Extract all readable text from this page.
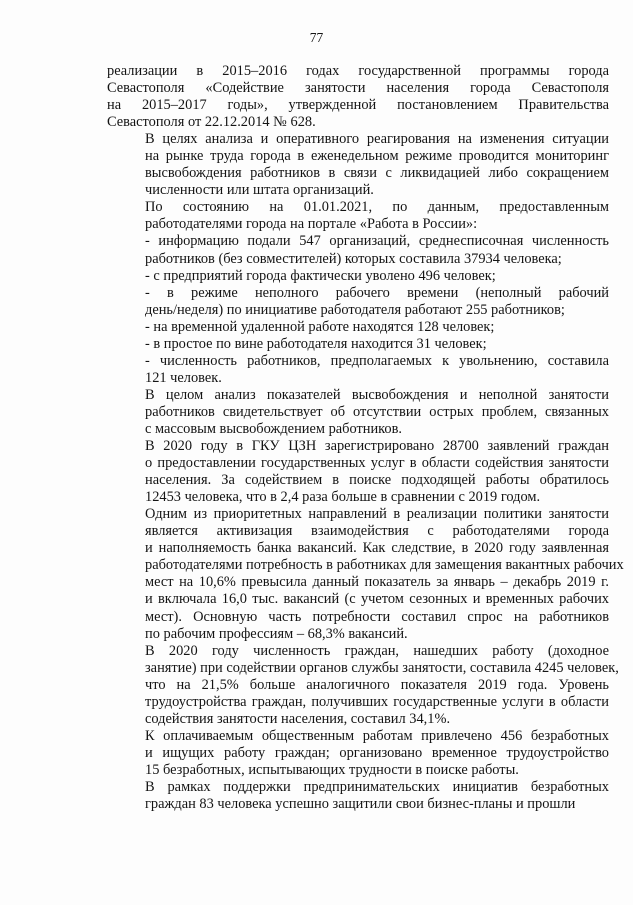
77
реализации в 2015–2016 годах государственной программы города
Севастополя «Содействие занятости населения города Севастополя
на 2015–2017 годы», утвержденной постановлением Правительства
Севастополя от 22.12.2014 № 628.
В целях анализа и оперативного реагирования на изменения ситуации
на рынке труда города в еженедельном режиме проводится мониторинг
высвобождения работников в связи с ликвидацией либо сокращением
численности или штата организаций.
По состоянию на 01.01.2021, по данным, предоставленным
работодателями города на портале «Работа в России»:
- информацию подали 547 организаций, среднесписочная численность
работников (без совместителей) которых составила 37934 человека;
- с предприятий города фактически уволено 496 человек;
- в режиме неполного рабочего времени (неполный рабочий
день/неделя) по инициативе работодателя работают 255 работников;
- на временной удаленной работе находятся 128 человек;
- в простое по вине работодателя находится 31 человек;
- численность работников, предполагаемых к увольнению, составила
121 человек.
В целом анализ показателей высвобождения и неполной занятости
работников свидетельствует об отсутствии острых проблем, связанных
с массовым высвобождением работников.
В 2020 году в ГКУ ЦЗН зарегистрировано 28700 заявлений граждан
о предоставлении государственных услуг в области содействия занятости
населения. За содействием в поиске подходящей работы обратилось
12453 человека, что в 2,4 раза больше в сравнении с 2019 годом.
Одним из приоритетных направлений в реализации политики занятости
является активизация взаимодействия с работодателями города
и наполняемость банка вакансий. Как следствие, в 2020 году заявленная
работодателями потребность в работниках для замещения вакантных рабочих
мест на 10,6% превысила данный показатель за январь – декабрь 2019 г.
и включала 16,0 тыс. вакансий (с учетом сезонных и временных рабочих
мест). Основную часть потребности составил спрос на работников
по рабочим профессиям – 68,3% вакансий.
В 2020 году численность граждан, нашедших работу (доходное
занятие) при содействии органов службы занятости, составила 4245 человек,
что на 21,5% больше аналогичного показателя 2019 года. Уровень
трудоустройства граждан, получивших государственные услуги в области
содействия занятости населения, составил 34,1%.
К оплачиваемым общественным работам привлечено 456 безработных
и ищущих работу граждан; организовано временное трудоустройство
15 безработных, испытывающих трудности в поиске работы.
В рамках поддержки предпринимательских инициатив безработных
граждан 83 человека успешно защитили свои бизнес-планы и прошли
